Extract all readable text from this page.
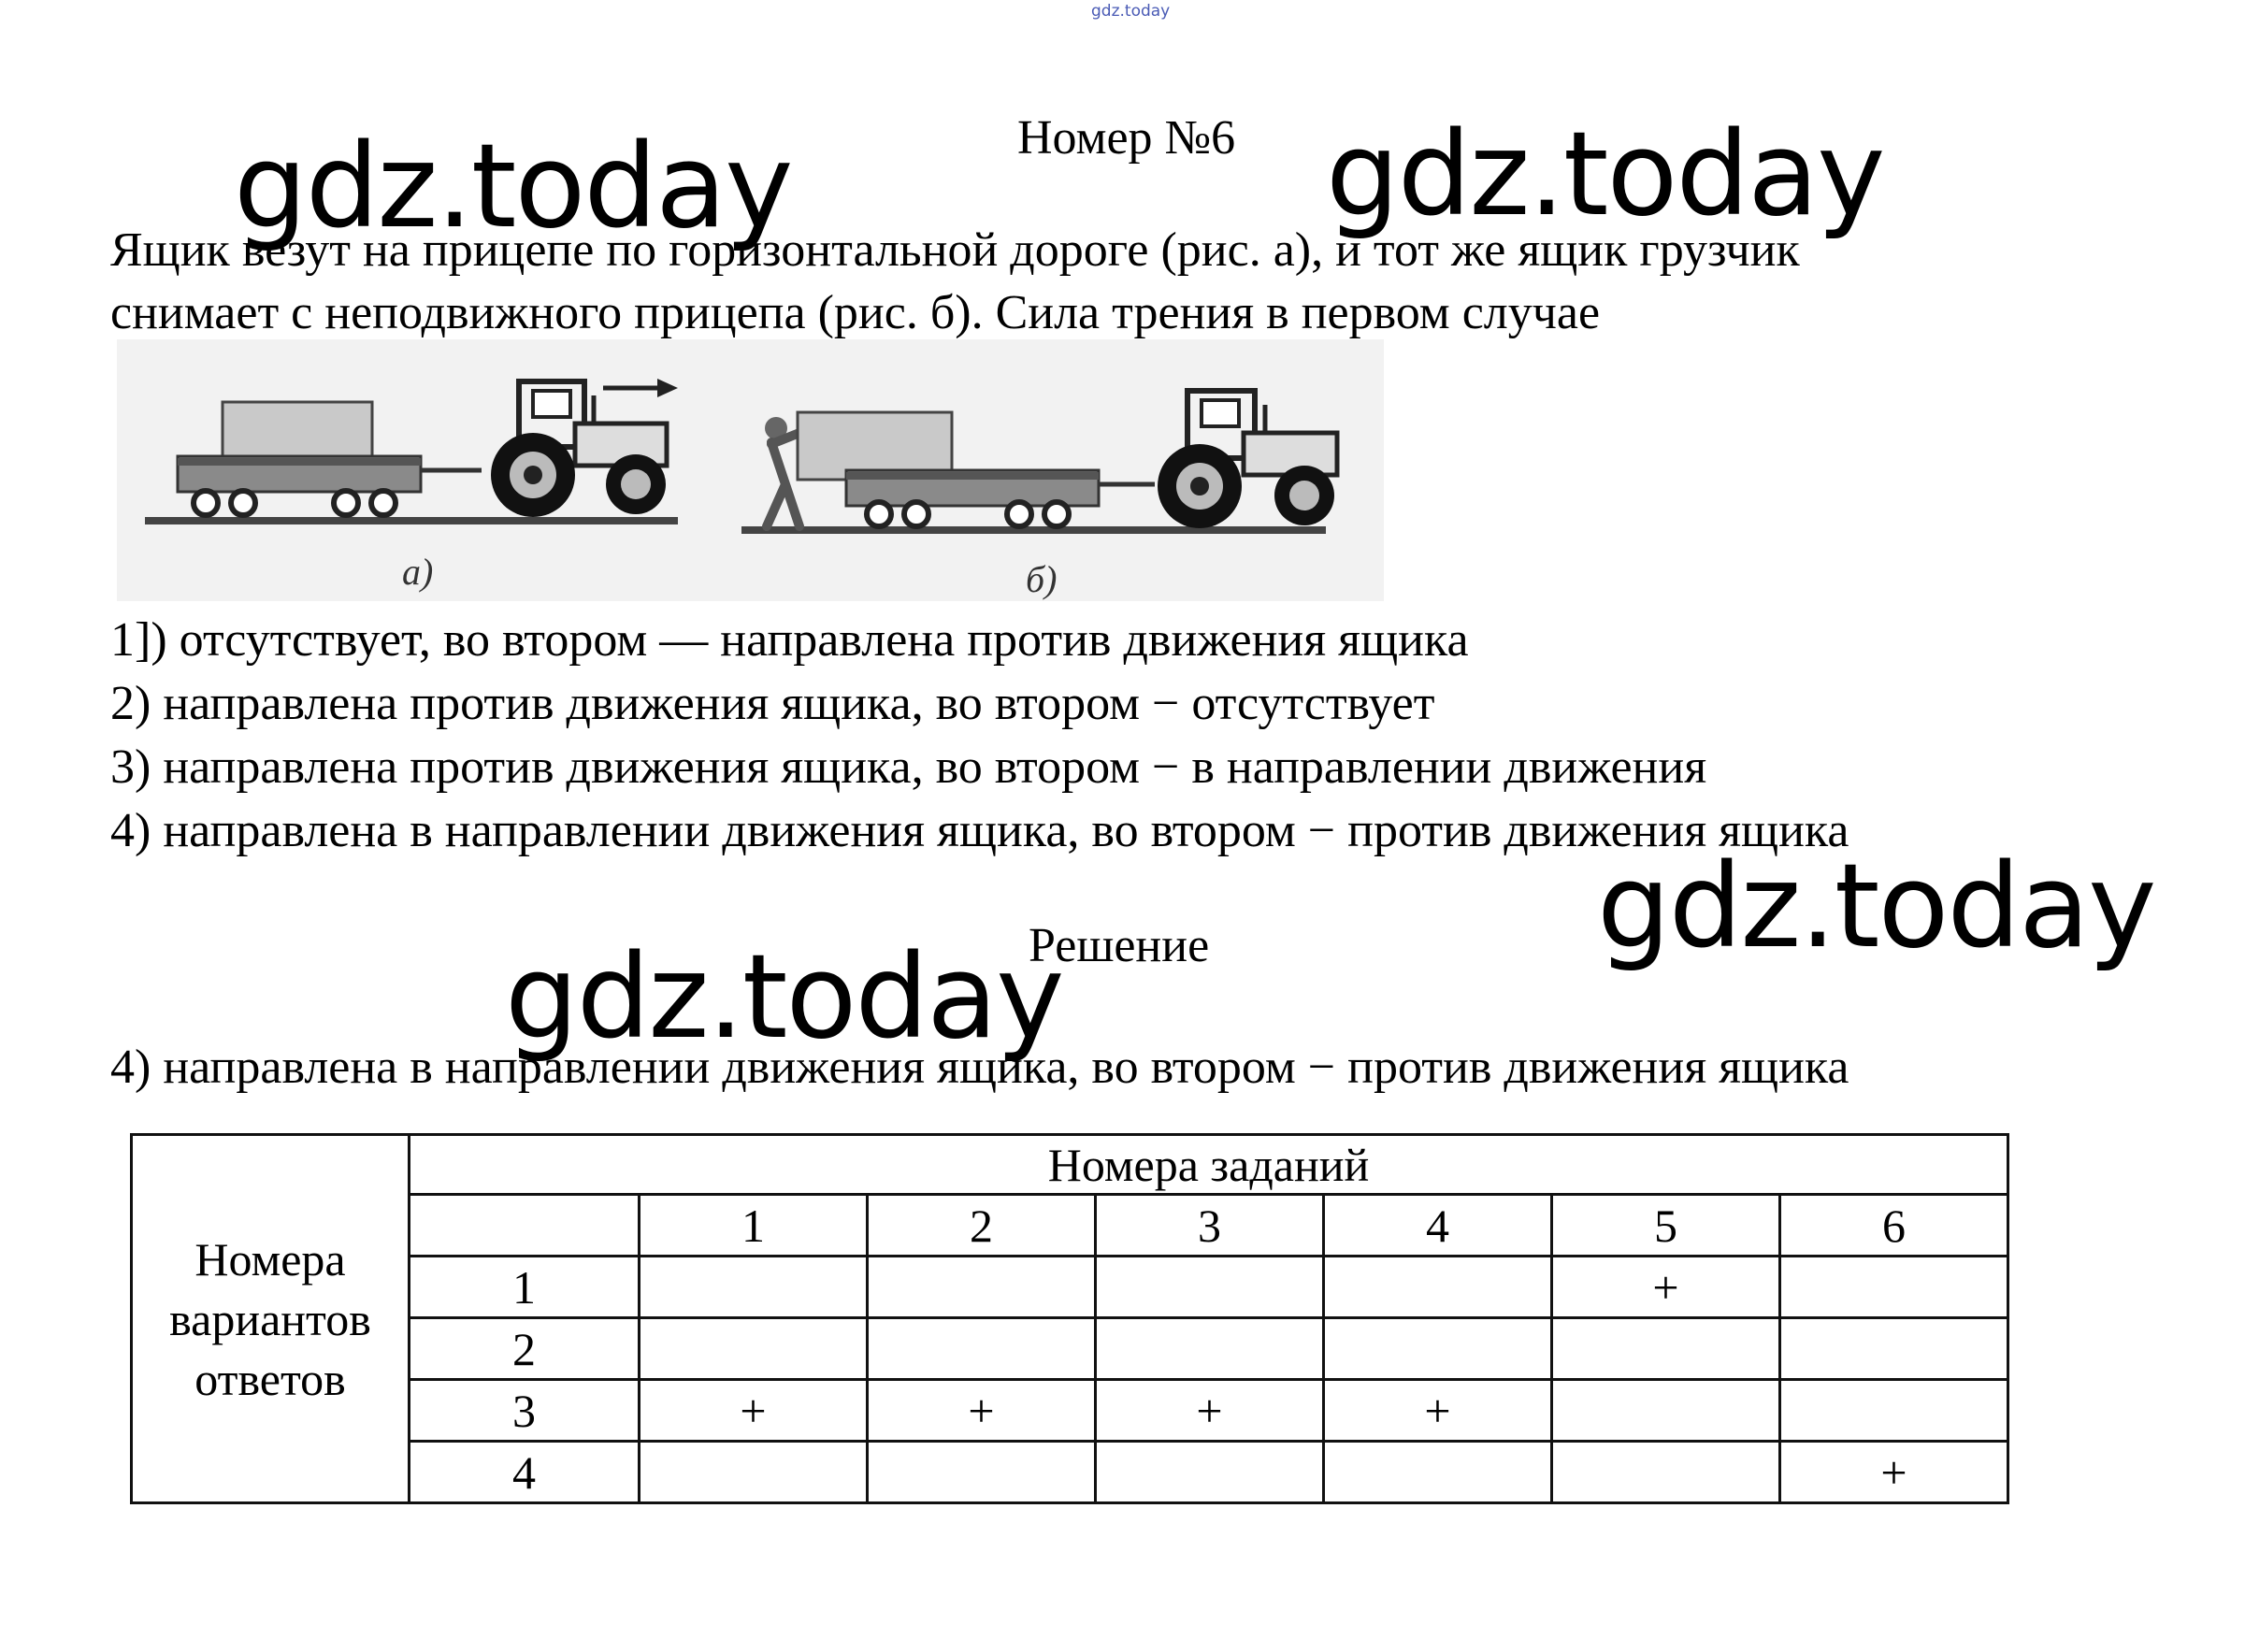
gdz.today
gdz.today	gdz.today
gdz.today
gdz.today
Номер №6
Ящик везут на прицепе по горизонтальной дороге (рис. а), и тот же ящик грузчик
снимает с неподвижного прицепа (рис. б). Сила трения в первом случае
а)	б)
1]) отсутствует, во втором — направлена против движения ящика
2) направлена против движения ящика, во втором − отсутствует
3) направлена против движения ящика, во втором − в направлении движения
4) направлена в направлении движения ящика, во втором − против движения ящика
Решение
4) направлена в направлении движения ящика, во втором − против движения ящика
Номера вариантов ответов	Номера заданий						
		1	2	3	4	5	6
	1					+	
	2						
	3	+	+	+	+		
	4						+
